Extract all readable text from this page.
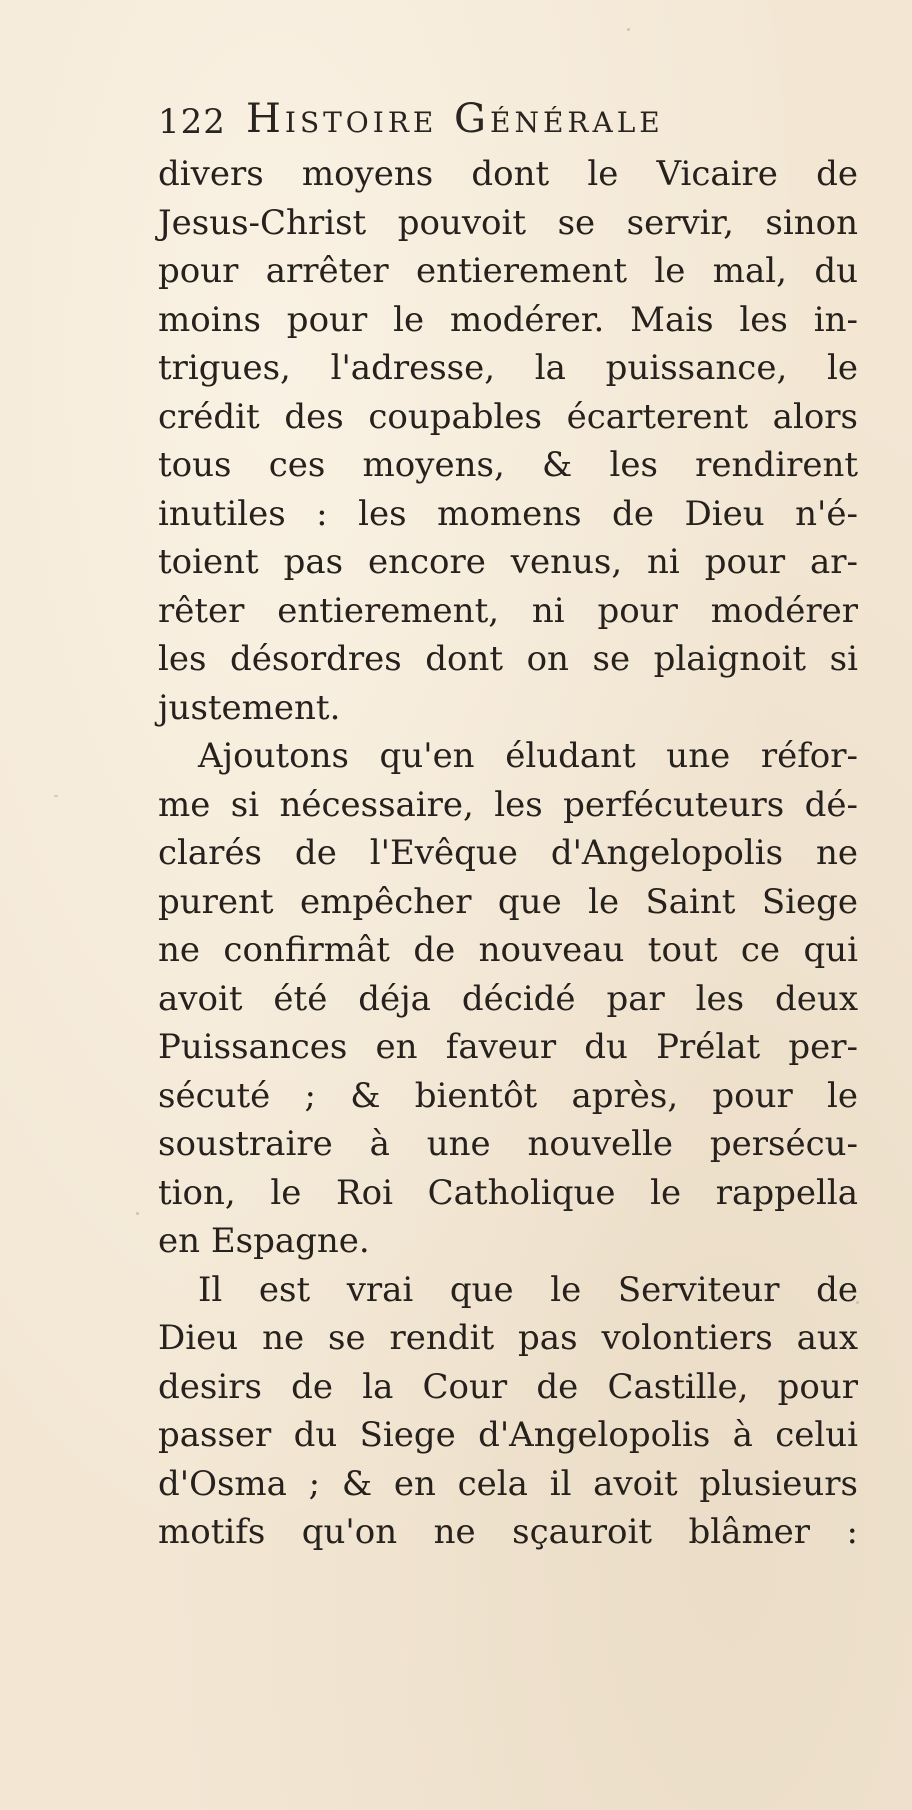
122 Histoire Générale
divers moyens dont le Vicaire de
Jesus-Christ pouvoit se servir, sinon
pour arrêter entierement le mal, du
moins pour le modérer. Mais les in-
trigues, l'adresse, la puissance, le
crédit des coupables écarterent alors
tous ces moyens, & les rendirent
inutiles : les momens de Dieu n'é-
toient pas encore venus, ni pour ar-
rêter entierement, ni pour modérer
les désordres dont on se plaignoit si
justement.
Ajoutons qu'en éludant une réfor-
me si nécessaire, les perfécuteurs dé-
clarés de l'Evêque d'Angelopolis ne
purent empêcher que le Saint Siege
ne confirmât de nouveau tout ce qui
avoit été déja décidé par les deux
Puissances en faveur du Prélat per-
sécuté ; & bientôt après, pour le
soustraire à une nouvelle persécu-
tion, le Roi Catholique le rappella
en Espagne.
Il est vrai que le Serviteur de
Dieu ne se rendit pas volontiers aux
desirs de la Cour de Castille, pour
passer du Siege d'Angelopolis à celui
d'Osma ; & en cela il avoit plusieurs
motifs qu'on ne sçauroit blâmer :
